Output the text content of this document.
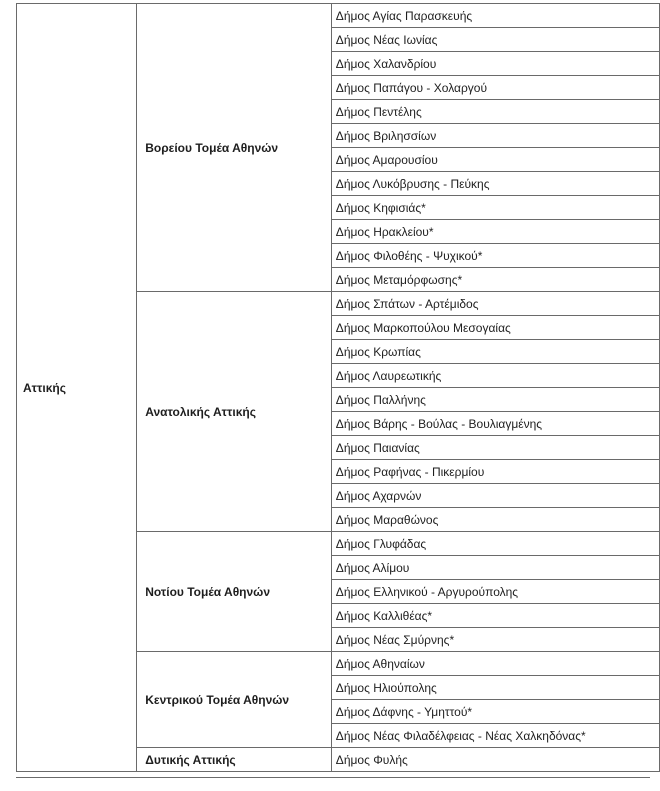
Αττικής	Βορείου Τομέα Αθηνών	Δήμος Αγίας Παρασκευής
		Δήμος Νέας Ιωνίας
		Δήμος Χαλανδρίου
		Δήμος Παπάγου - Χολαργού
		Δήμος Πεντέλης
		Δήμος Βριλησσίων
		Δήμος Αμαρουσίου
		Δήμος Λυκόβρυσης - Πεύκης
		Δήμος Κηφισιάς*
		Δήμος Ηρακλείου*
		Δήμος Φιλοθέης - Ψυχικού*
		Δήμος Μεταμόρφωσης*
	Ανατολικής Αττικής	Δήμος Σπάτων - Αρτέμιδος
		Δήμος Μαρκοπούλου Μεσογαίας
		Δήμος Κρωπίας
		Δήμος Λαυρεωτικής
		Δήμος Παλλήνης
		Δήμος Βάρης - Βούλας - Βουλιαγμένης
		Δήμος Παιανίας
		Δήμος Ραφήνας - Πικερμίου
		Δήμος Αχαρνών
		Δήμος Μαραθώνος
	Νοτίου Τομέα Αθηνών	Δήμος Γλυφάδας
		Δήμος Αλίμου
		Δήμος Ελληνικού - Αργυρούπολης
		Δήμος Καλλιθέας*
		Δήμος Νέας Σμύρνης*
	Κεντρικού Τομέα Αθηνών	Δήμος Αθηναίων
		Δήμος Ηλιούπολης
		Δήμος Δάφνης - Υμηττού*
		Δήμος Νέας Φιλαδέλφειας - Νέας Χαλκηδόνας*
	Δυτικής Αττικής	Δήμος Φυλής
